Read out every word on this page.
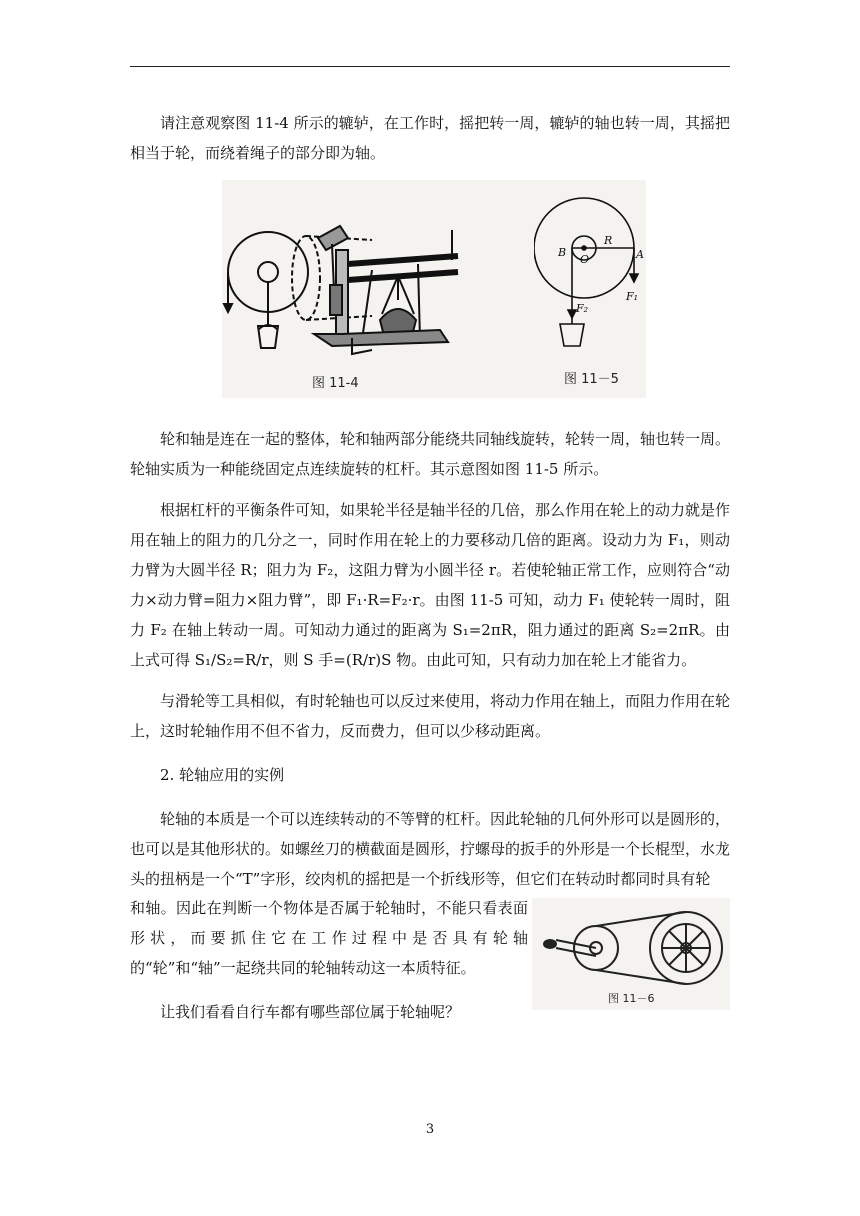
请注意观察图 11-4 所示的辘轳，在工作时，摇把转一周，辘轳的轴也转一周，其摇把相当于轮，而绕着绳子的部分即为轴。

图 11-4
B
R
O	A
F₁
F₂
图 11－5

轮和轴是连在一起的整体，轮和轴两部分能绕共同轴线旋转，轮转一周，轴也转一周。轮轴实质为一种能绕固定点连续旋转的杠杆。其示意图如图 11-5 所示。

根据杠杆的平衡条件可知，如果轮半径是轴半径的几倍，那么作用在轮上的动力就是作用在轴上的阻力的几分之一，同时作用在轮上的力要移动几倍的距离。设动力为 F₁，则动力臂为大圆半径 R；阻力为 F₂，这阻力臂为小圆半径 r。若使轮轴正常工作，应则符合“动力×动力臂=阻力×阻力臂”，即 F₁·R=F₂·r。由图 11-5 可知，动力 F₁ 使轮转一周时，阻力 F₂ 在轴上转动一周。可知动力通过的距离为 S₁=2πR，阻力通过的距离 S₂=2πR。由上式可得 S₁/S₂=R/r，则 S 手=(R/r)S 物。由此可知，只有动力加在轮上才能省力。

与滑轮等工具相似，有时轮轴也可以反过来使用，将动力作用在轴上，而阻力作用在轮上，这时轮轴作用不但不省力，反而费力，但可以少移动距离。

2. 轮轴应用的实例

轮轴的本质是一个可以连续转动的不等臂的杠杆。因此轮轴的几何外形可以是圆形的，也可以是其他形状的。如螺丝刀的横截面是圆形，拧螺母的扳手的外形是一个长棍型，水龙头的扭柄是一个“T”字形，绞肉机的摇把是一个折线形等，但它们在转动时都同时具有轮

和轴。因此在判断一个物体是否属于轮轴时，不能只看表面形状，而要抓住它在工作过程中是否具有轮轴的“轮”和“轴”一起绕共同的轮轴转动这一本质特征。

图 11－6

让我们看看自行车都有哪些部位属于轮轴呢？

3
